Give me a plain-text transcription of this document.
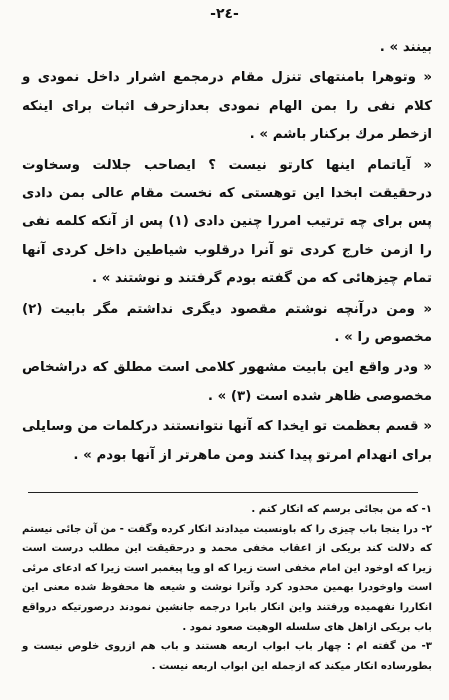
-٢٤-

بينند » .

« وتوهرا بامنتهاى تنزل مقام درمجمع اشرار داخل نمودى و كلام نفى را بمن الهام نمودى بعدازحرف اثبات براى اينكه ازخطر مرك بركنار باشم » .

« آياتمام اينها كارتو نيست ؟ ايصاحب جلالت وسخاوت درحقيقت ابخدا اين توهستى كه نخست مقام عالى بمن دادى پس براى چه ترتيب امررا چنين دادى (١) پس از آنكه كلمه نفى را ازمن خارج كردى تو آنرا درقلوب شياطين داخل كردى آنها تمام چيزهائى كه من گفته بودم گرفتند و نوشتند » .

« ومن درآنچه نوشتم مقصود ديگرى نداشتم مگر بابيت (٢) مخصوص را » .

« ودر واقع اين بابيت مشهور كلامى است مطلق كه دراشخاص مخصوصى ظاهر شده است (٣) » .

« قسم بعظمت تو ايخدا كه آنها نتوانستند دركلمات من وسايلى براى انهدام امرتو پيدا كنند ومن ماهرتر از آنها بودم » .

١- كه من بجائى برسم كه انكار كنم .

٢- درا ينجا باب چيزى را كه باونسبت ميدادند انكار كرده وگفت - من آن جائى نيستم كه دلالت كند بريكى از اعقاب مخفى محمد و درحقيقت اين مطلب درست است زيرا كه اوخود اين امام مخفى است زيرا كه او ويا پيغمبر است زيرا كه ادعاى مرئى است واوخودرا بهمين محدود كرد وآنرا نوشت و شيعه ها محفوظ شده معنى اين انكاررا نفهميده ورفتند واين انكار بابرا درجمه جانشين نمودند درصورتيكه درواقع باب بريكى ازاهل هاى سلسله الوهيت صعود نمود .

٣- من گفته ام : چهار باب ابواب اربعه هستند و باب هم ازروى خلوص نيست و بطورساده انكار ميكند كه ازجمله اين ابواب اربعه نيست .
